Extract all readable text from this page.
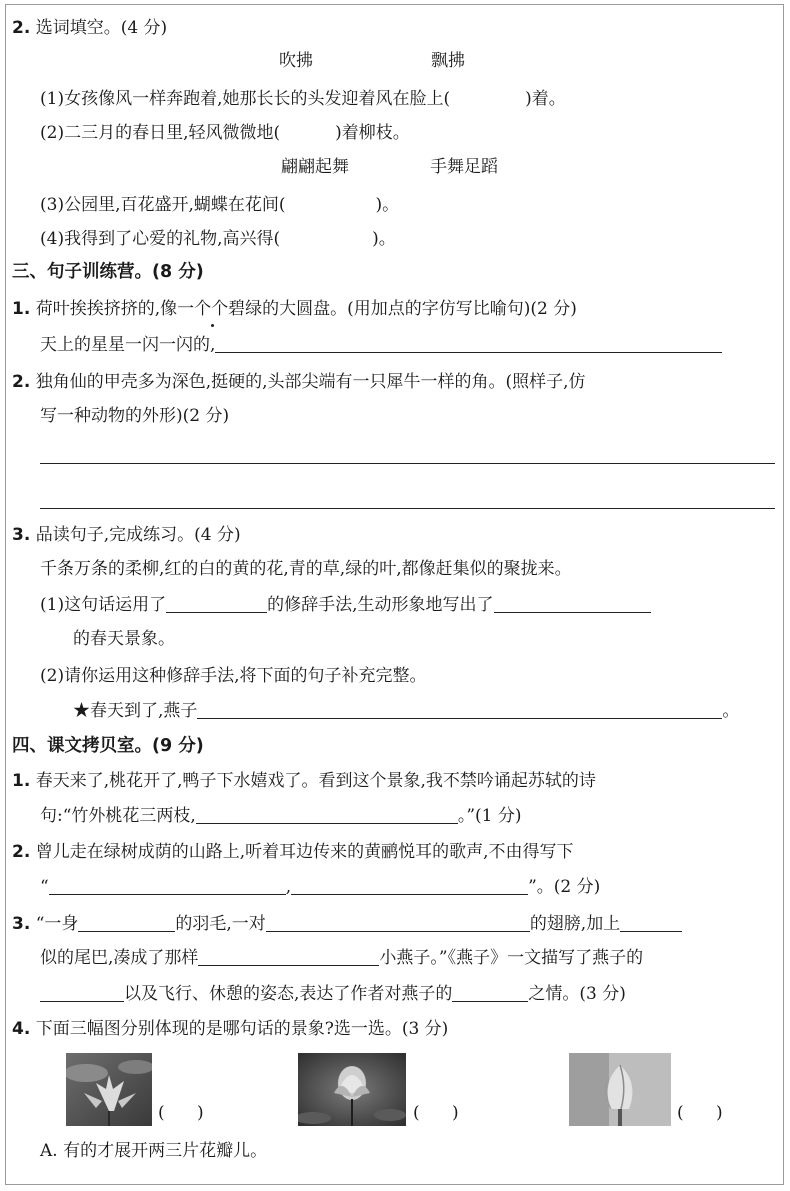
2. 选词填空。(4 分)
吹拂	飘拂
(1)女孩像风一样奔跑着,她那长长的头发迎着风在脸上(	)着。
(2)二三月的春日里,轻风微微地(	)着柳枝。
翩翩起舞	手舞足蹈
(3)公园里,百花盛开,蝴蝶在花间(	)。
(4)我得到了心爱的礼物,高兴得(	)。
三、句子训练营。(8 分)
1. 荷叶挨挨挤挤的,像一个个碧绿的大圆盘。(用加点的字仿写比喻句)(2 分)
天上的星星一闪一闪的,
2. 独角仙的甲壳多为深色,挺硬的,头部尖端有一只犀牛一样的角。(照样子,仿
写一种动物的外形)(2 分)
3. 品读句子,完成练习。(4 分)
千条万条的柔柳,红的白的黄的花,青的草,绿的叶,都像赶集似的聚拢来。
(1)这句话运用了	的修辞手法,生动形象地写出了
的春天景象。
(2)请你运用这种修辞手法,将下面的句子补充完整。
★春天到了,燕子	。
四、课文拷贝室。(9 分)
1. 春天来了,桃花开了,鸭子下水嬉戏了。看到这个景象,我不禁吟诵起苏轼的诗
句:“竹外桃花三两枝,	。”(1 分)
2. 曾儿走在绿树成荫的山路上,听着耳边传来的黄鹂悦耳的歌声,不由得写下
“	,	”。(2 分)
3. “一身	的羽毛,一对	的翅膀,加上
似的尾巴,凑成了那样	小燕子。”《燕子》一文描写了燕子的
以及飞行、休憩的姿态,表达了作者对燕子的	之情。(3 分)
4. 下面三幅图分别体现的是哪句话的景象?选一选。(3 分)
(      )	(      )	(      )
A. 有的才展开两三片花瓣儿。
